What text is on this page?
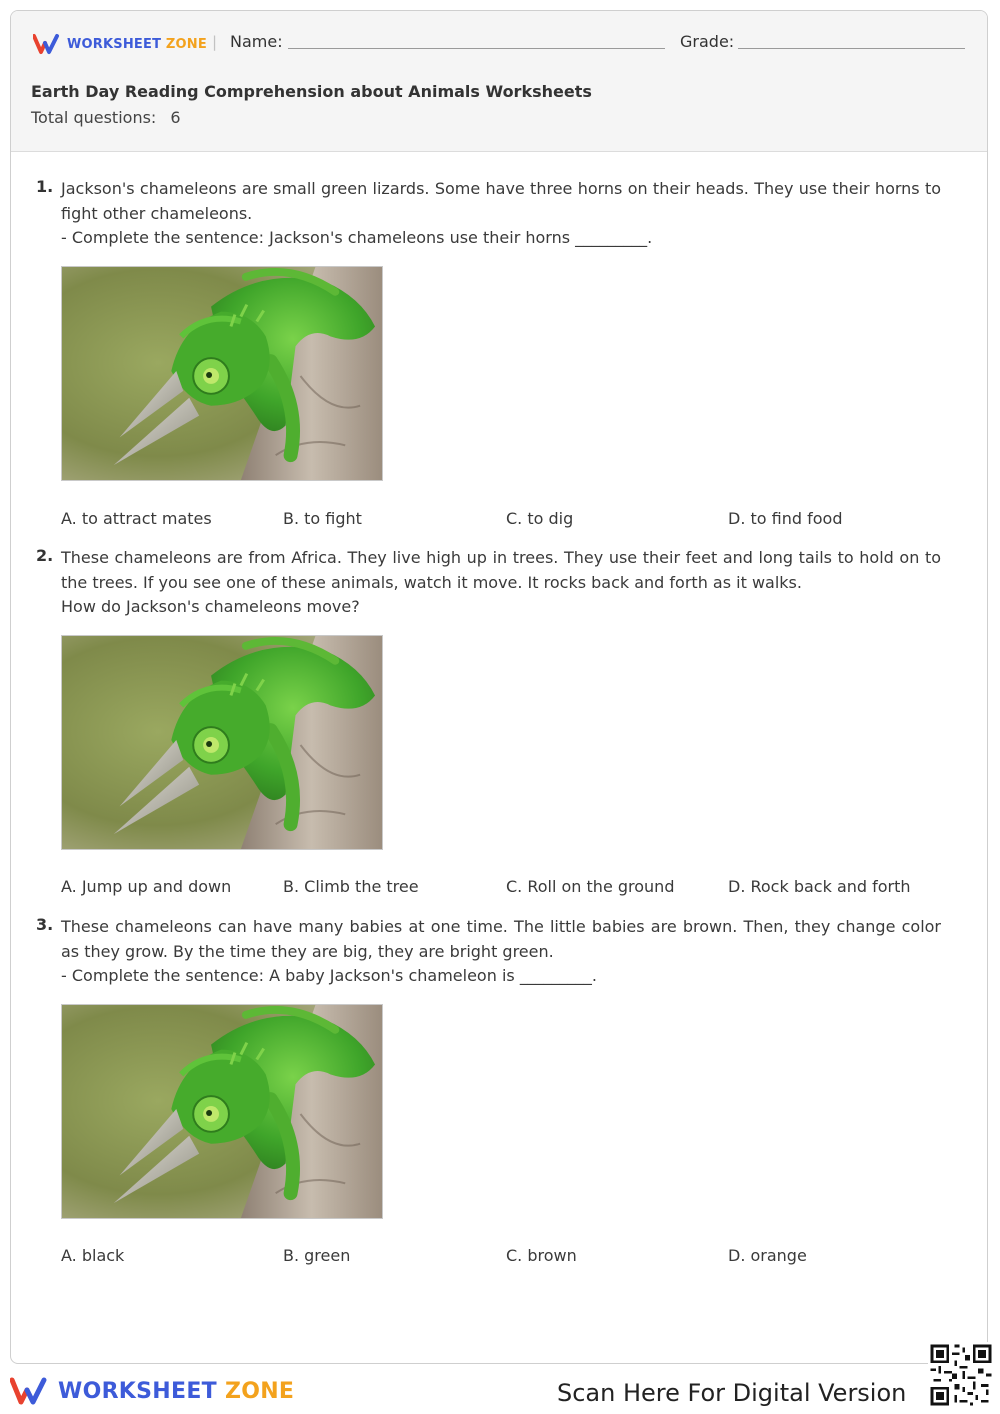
WORKSHEET ZONE | Name:	Grade:
Earth Day Reading Comprehension about Animals Worksheets
Total questions: 6
1. Jackson's chameleons are small green lizards. Some have three horns on their heads. They use their horns to fight other chameleons.
- Complete the sentence: Jackson's chameleons use their horns _________.
A. to attract mates	B. to fight	C. to dig	D. to find food
2. These chameleons are from Africa. They live high up in trees. They use their feet and long tails to hold on to the trees. If you see one of these animals, watch it move. It rocks back and forth as it walks.
How do Jackson's chameleons move?
A. Jump up and down	B. Climb the tree	C. Roll on the ground	D. Rock back and forth
3. These chameleons can have many babies at one time. The little babies are brown. Then, they change color as they grow. By the time they are big, they are bright green.
- Complete the sentence: A baby Jackson's chameleon is _________.
A. black	B. green	C. brown	D. orange
WORKSHEET ZONE	Scan Here For Digital Version
